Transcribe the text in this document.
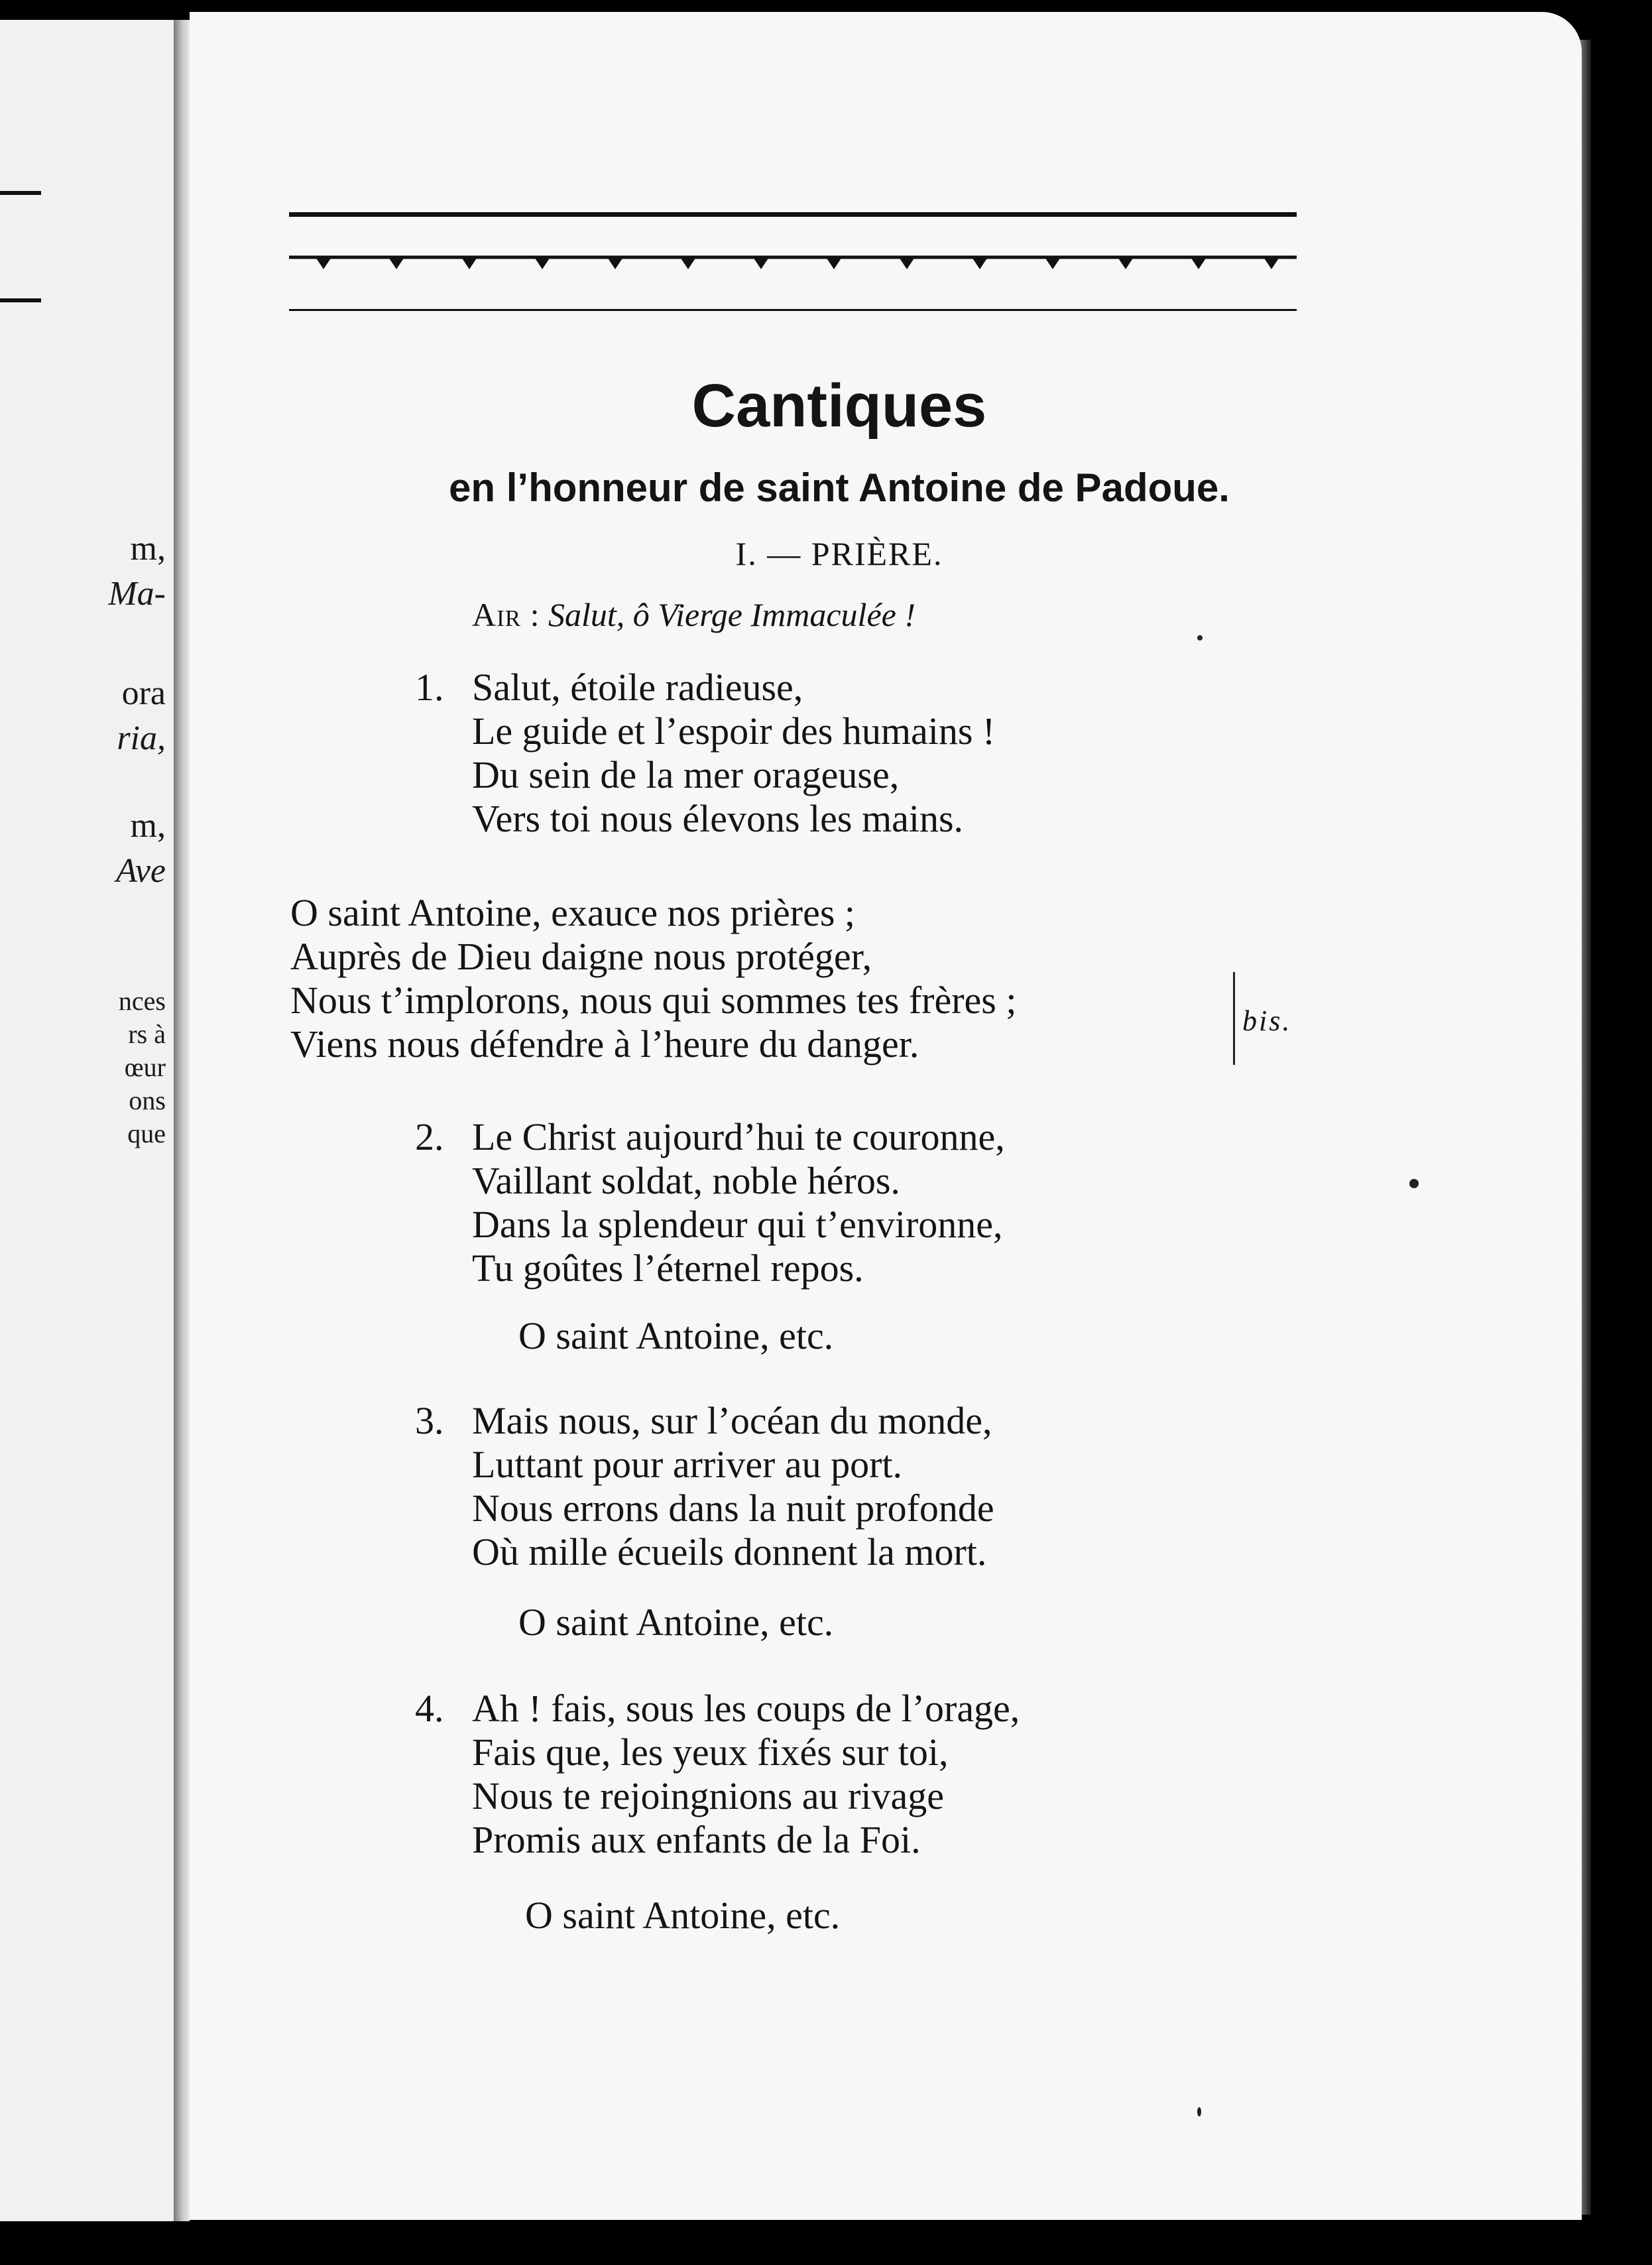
m,
Ma-
ora
ria,
m,
Ave
nces
rs à
œur
ons
que
Cantiques
en l’honneur de saint Antoine de Padoue.
I. — PRIÈRE.
Air : Salut, ô Vierge Immaculée !
1. Salut, étoile radieuse,
Le guide et l’espoir des humains !
Du sein de la mer orageuse,
Vers toi nous élevons les mains.
O saint Antoine, exauce nos prières ;
Auprès de Dieu daigne nous protéger,
Nous t’implorons, nous qui sommes tes frères ;
Viens nous défendre à l’heure du danger.
bis.
2. Le Christ aujourd’hui te couronne,
Vaillant soldat, noble héros.
Dans la splendeur qui t’environne,
Tu goûtes l’éternel repos.
O saint Antoine, etc.
3. Mais nous, sur l’océan du monde,
Luttant pour arriver au port.
Nous errons dans la nuit profonde
Où mille écueils donnent la mort.
O saint Antoine, etc.
4. Ah ! fais, sous les coups de l’orage,
Fais que, les yeux fixés sur toi,
Nous te rejoingnions au rivage
Promis aux enfants de la Foi.
O saint Antoine, etc.
